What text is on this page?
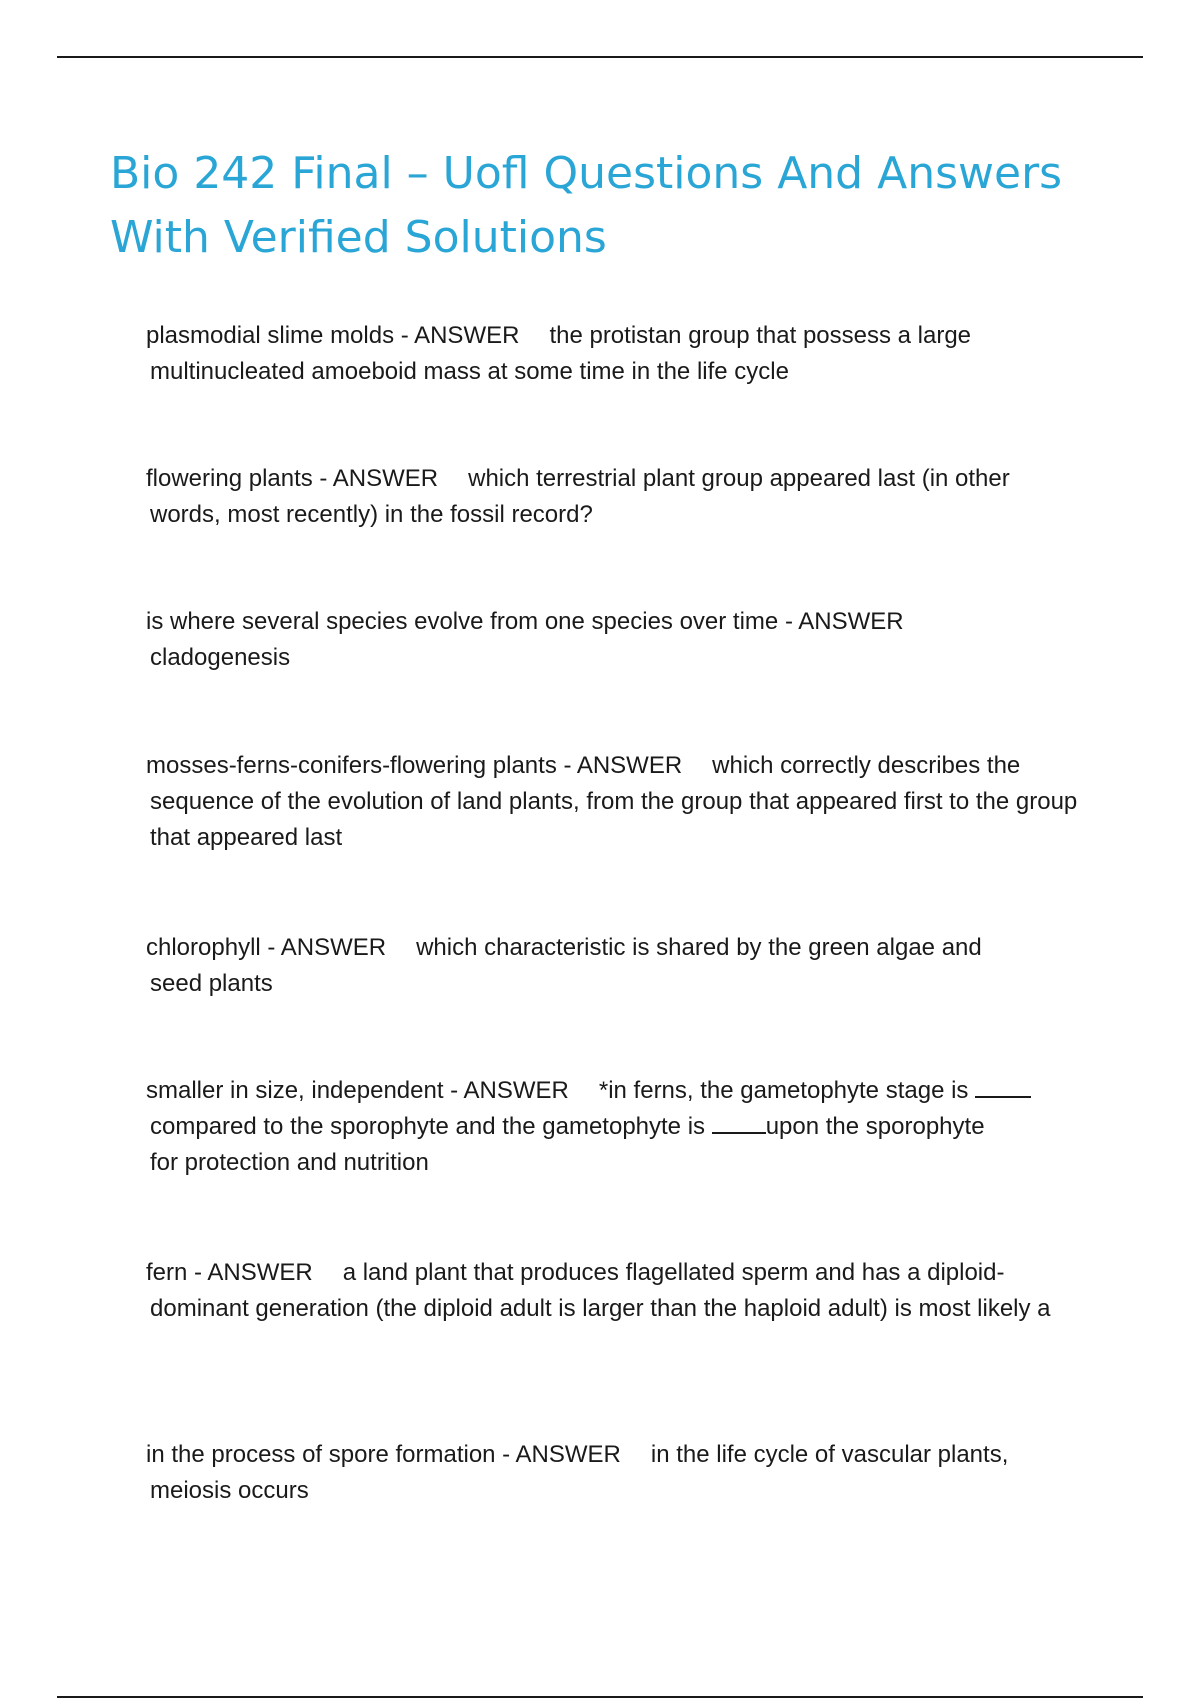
Bio 242 Final – Uofl Questions And Answers With Verified Solutions
plasmodial slime molds - ANSWER the protistan group that possess a large
multinucleated amoeboid mass at some time in the life cycle
flowering plants - ANSWER which terrestrial plant group appeared last (in other
words, most recently) in the fossil record?
is where several species evolve from one species over time - ANSWER
cladogenesis
mosses-ferns-conifers-flowering plants - ANSWER which correctly describes the
sequence of the evolution of land plants, from the group that appeared first to the group that appeared last
chlorophyll - ANSWER which characteristic is shared by the green algae and
seed plants
smaller in size, independent - ANSWER *in ferns, the gametophyte stage is
compared to the sporophyte and the gametophyte is	upon the sporophyte
for protection and nutrition
fern - ANSWER a land plant that produces flagellated sperm and has a diploid-
dominant generation (the diploid adult is larger than the haploid adult) is most likely a
in the process of spore formation - ANSWER in the life cycle of vascular plants,
meiosis occurs
